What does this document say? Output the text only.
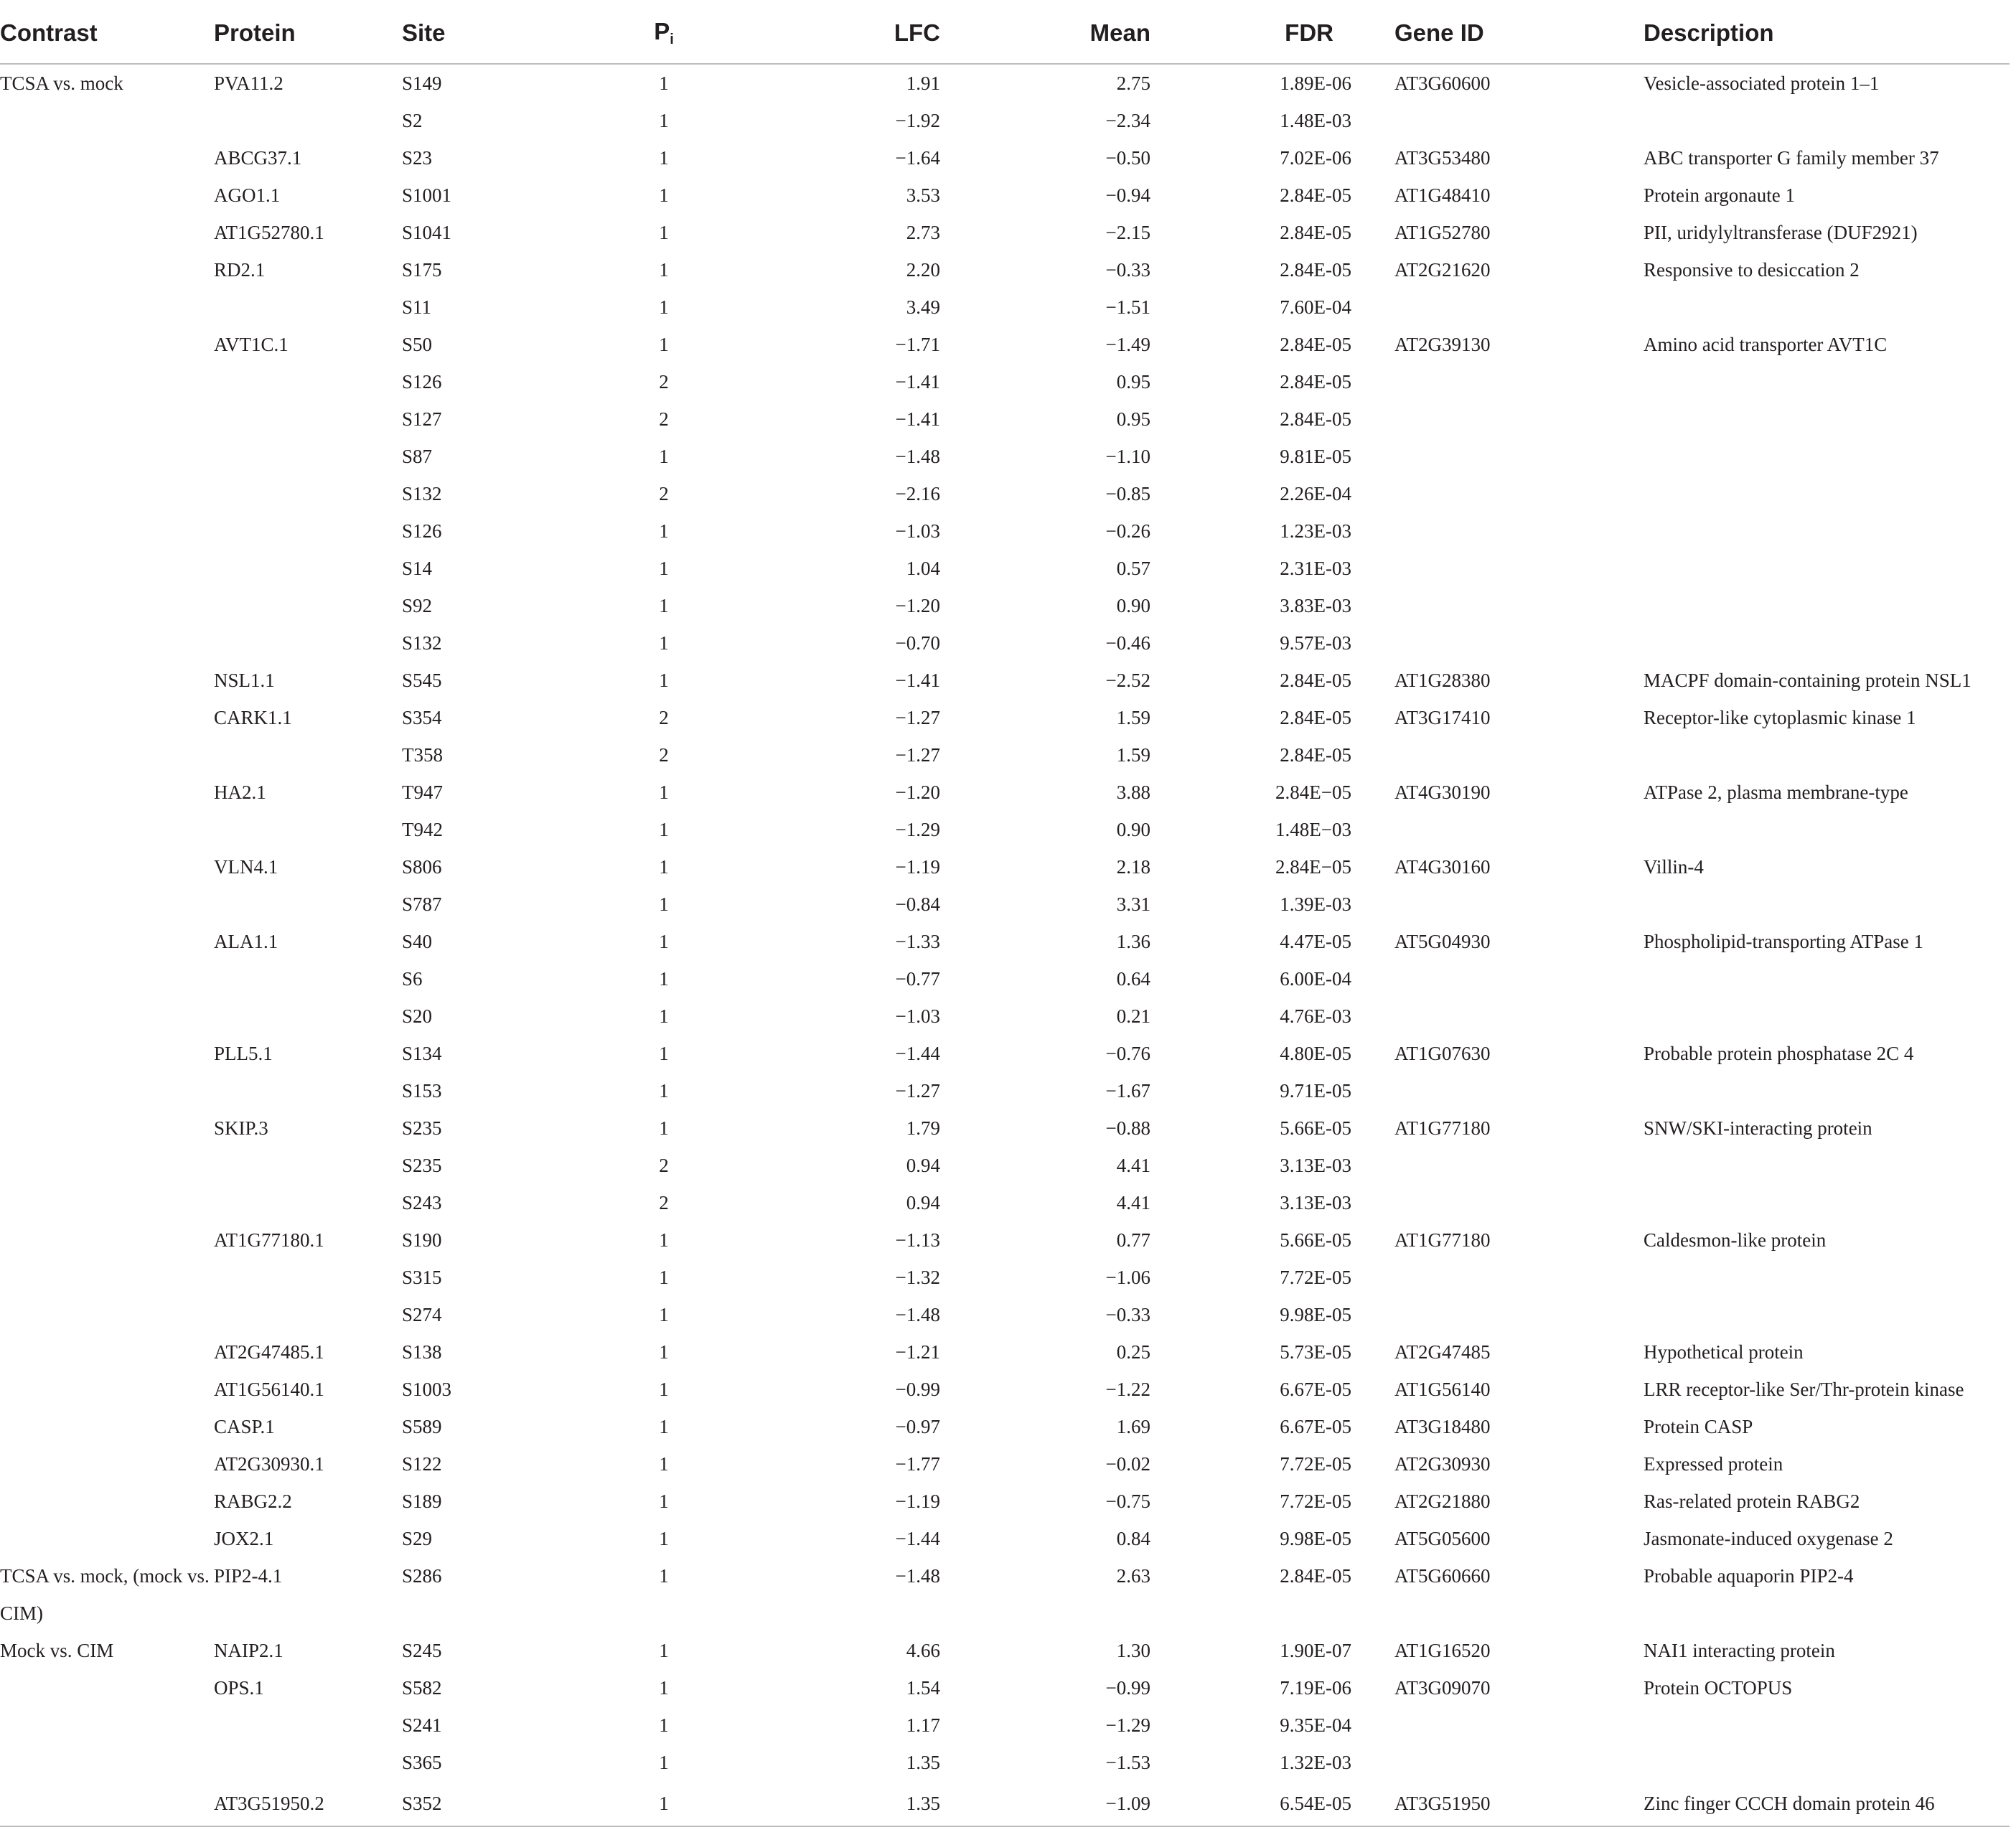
Contrast	Protein	Site	$P_i$	LFC	Mean	FDR	Gene ID	Description
TCSA vs. mock	PVA11.2	S149	1	1.91	2.75	1.89E-06	AT3G60600	Vesicle-associated protein 1–1
		S2	1	−1.92	−2.34	1.48E-03		
	ABCG37.1	S23	1	−1.64	−0.50	7.02E-06	AT3G53480	ABC transporter G family member 37
	AGO1.1	S1001	1	3.53	−0.94	2.84E-05	AT1G48410	Protein argonaute 1
	AT1G52780.1	S1041	1	2.73	−2.15	2.84E-05	AT1G52780	PII, uridylyltransferase (DUF2921)
	RD2.1	S175	1	2.20	−0.33	2.84E-05	AT2G21620	Responsive to desiccation 2
		S11	1	3.49	−1.51	7.60E-04		
	AVT1C.1	S50	1	−1.71	−1.49	2.84E-05	AT2G39130	Amino acid transporter AVT1C
		S126	2	−1.41	0.95	2.84E-05		
		S127	2	−1.41	0.95	2.84E-05		
		S87	1	−1.48	−1.10	9.81E-05		
		S132	2	−2.16	−0.85	2.26E-04		
		S126	1	−1.03	−0.26	1.23E-03		
		S14	1	1.04	0.57	2.31E-03		
		S92	1	−1.20	0.90	3.83E-03		
		S132	1	−0.70	−0.46	9.57E-03		
	NSL1.1	S545	1	−1.41	−2.52	2.84E-05	AT1G28380	MACPF domain-containing protein NSL1
	CARK1.1	S354	2	−1.27	1.59	2.84E-05	AT3G17410	Receptor-like cytoplasmic kinase 1
		T358	2	−1.27	1.59	2.84E-05		
	HA2.1	T947	1	−1.20	3.88	2.84E−05	AT4G30190	ATPase 2, plasma membrane-type
		T942	1	−1.29	0.90	1.48E−03		
	VLN4.1	S806	1	−1.19	2.18	2.84E−05	AT4G30160	Villin-4
		S787	1	−0.84	3.31	1.39E-03		
	ALA1.1	S40	1	−1.33	1.36	4.47E-05	AT5G04930	Phospholipid-transporting ATPase 1
		S6	1	−0.77	0.64	6.00E-04		
		S20	1	−1.03	0.21	4.76E-03		
	PLL5.1	S134	1	−1.44	−0.76	4.80E-05	AT1G07630	Probable protein phosphatase 2C 4
		S153	1	−1.27	−1.67	9.71E-05		
	SKIP.3	S235	1	1.79	−0.88	5.66E-05	AT1G77180	SNW/SKI-interacting protein
		S235	2	0.94	4.41	3.13E-03		
		S243	2	0.94	4.41	3.13E-03		
	AT1G77180.1	S190	1	−1.13	0.77	5.66E-05	AT1G77180	Caldesmon-like protein
		S315	1	−1.32	−1.06	7.72E-05		
		S274	1	−1.48	−0.33	9.98E-05		
	AT2G47485.1	S138	1	−1.21	0.25	5.73E-05	AT2G47485	Hypothetical protein
	AT1G56140.1	S1003	1	−0.99	−1.22	6.67E-05	AT1G56140	LRR receptor-like Ser/Thr-protein kinase
	CASP.1	S589	1	−0.97	1.69	6.67E-05	AT3G18480	Protein CASP
	AT2G30930.1	S122	1	−1.77	−0.02	7.72E-05	AT2G30930	Expressed protein
	RABG2.2	S189	1	−1.19	−0.75	7.72E-05	AT2G21880	Ras-related protein RABG2
	JOX2.1	S29	1	−1.44	0.84	9.98E-05	AT5G05600	Jasmonate-induced oxygenase 2
TCSA vs. mock, (mock vs. CIM)	PIP2-4.1	S286	1	−1.48	2.63	2.84E-05	AT5G60660	Probable aquaporin PIP2-4
Mock vs. CIM	NAIP2.1	S245	1	4.66	1.30	1.90E-07	AT1G16520	NAI1 interacting protein
	OPS.1	S582	1	1.54	−0.99	7.19E-06	AT3G09070	Protein OCTOPUS
		S241	1	1.17	−1.29	9.35E-04		
		S365	1	1.35	−1.53	1.32E-03		
	AT3G51950.2	S352	1	1.35	−1.09	6.54E-05	AT3G51950	Zinc finger CCCH domain protein 46
